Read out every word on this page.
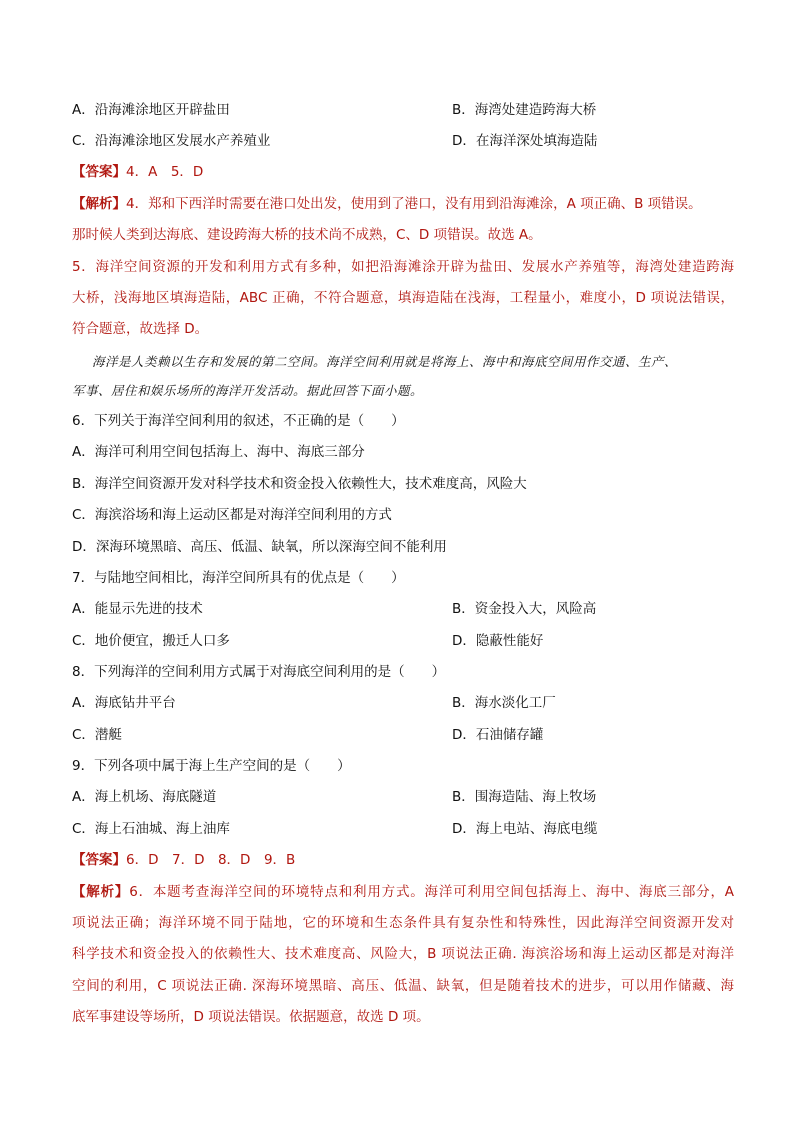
A．沿海滩涂地区开辟盐田	B．海湾处建造跨海大桥
C．沿海滩涂地区发展水产养殖业	D．在海洋深处填海造陆
【答案】4．A　5．D
【解析】4．郑和下西洋时需要在港口处出发，使用到了港口，没有用到沿海滩涂，A 项正确、B 项错误。
那时候人类到达海底、建设跨海大桥的技术尚不成熟，C、D 项错误。故选 A。
5．海洋空间资源的开发和利用方式有多种，如把沿海滩涂开辟为盐田、发展水产养殖等，海湾处建造跨海
大桥，浅海地区填海造陆，ABC 正确，不符合题意，填海造陆在浅海，工程量小，难度小，D 项说法错误，
符合题意，故选择 D。
海洋是人类赖以生存和发展的第二空间。海洋空间利用就是将海上、海中和海底空间用作交通、生产、
军事、居住和娱乐场所的海洋开发活动。据此回答下面小题。
6．下列关于海洋空间利用的叙述，不正确的是（　　）
A．海洋可利用空间包括海上、海中、海底三部分
B．海洋空间资源开发对科学技术和资金投入依赖性大，技术难度高，风险大
C．海滨浴场和海上运动区都是对海洋空间利用的方式
D．深海环境黑暗、高压、低温、缺氧，所以深海空间不能利用
7．与陆地空间相比，海洋空间所具有的优点是（　　）
A．能显示先进的技术	B．资金投入大，风险高
C．地价便宜，搬迁人口多	D．隐蔽性能好
8．下列海洋的空间利用方式属于对海底空间利用的是（　　）
A．海底钻井平台	B．海水淡化工厂
C．潜艇	D．石油储存罐
9．下列各项中属于海上生产空间的是（　　）
A．海上机场、海底隧道	B．围海造陆、海上牧场
C．海上石油城、海上油库	D．海上电站、海底电缆
【答案】6．D　7．D　8．D　9．B
【解析】6．本题考查海洋空间的环境特点和利用方式。海洋可利用空间包括海上、海中、海底三部分，A
项说法正确；海洋环境不同于陆地，它的环境和生态条件具有复杂性和特殊性，因此海洋空间资源开发对
科学技术和资金投入的依赖性大、技术难度高、风险大，B 项说法正确. 海滨浴场和海上运动区都是对海洋
空间的利用，C 项说法正确. 深海环境黑暗、高压、低温、缺氧，但是随着技术的进步，可以用作储藏、海
底军事建设等场所，D 项说法错误。依据题意，故选 D 项。
